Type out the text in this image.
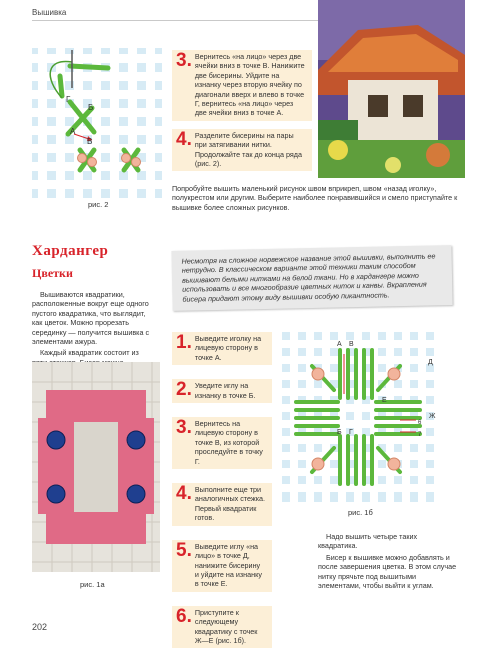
Вышивка
Г
Б
А
В
рис. 2
3. Вернитесь «на лицо» через две ячейки вниз в точке В. Нанижите две бисерины. Уйдите на изнанку через вторую ячейку по диагонали вверх и влево в точке Г, вернитесь «на лицо» через две ячейки вниз в точке А.
4. Разделите бисерины на пары при затягивании нитки. Продолжайте так до конца ряда (рис. 2).
Попробуйте вышить маленький рисунок швом вприкреп, швом «назад иголку», полукрестом или другим. Выберите наиболее понравившийся и смело приступайте к вышивке более сложных рисунков.
Хардангер
Цветки

Вышиваются квадратики, расположенные вокруг еще одного пустого квадратика, что выглядит, как цветок. Можно прорезать серединку — получится вышивка с элементами ажура.

Каждый квадратик состоит из

Несмотря на сложное норвежское название этой вышивки, выполнить ее нетрудно. В классическом варианте этой техники таким способом вышивают белыми нитками на белой ткани. Но в хардангере можно использовать и все многообразие цветных ниток и канвы. Вкрапления бисера придают этому виду вышивки особую пикантность.
рис. 1а
1. Выведите иголку на лицевую сторону в точке А.
2. Уведите иглу на изнанку в точке Б.
3. Вернитесь на лицевую сторону в точке В, из которой проследуйте в точку Г.
4. Выполните еще три аналогичных стежка. Первый квадратик готов.
5. Выведите иглу «на лицо» в точке Д, нанижите бисерину и уйдите на изнанку в точке Е.
6. Приступите к следующему квадратику с точек Ж—Е (рис. 1б).
А В
Б Г
Е
Д
Ж
6
7
рис. 1б

Надо вышить четыре таких квадратика.

Бисер к вышивке можно добавлять и после завершения цветка. В этом случае нитку прячьте под вышитыми элементами, чтобы выйти к углам.

202
